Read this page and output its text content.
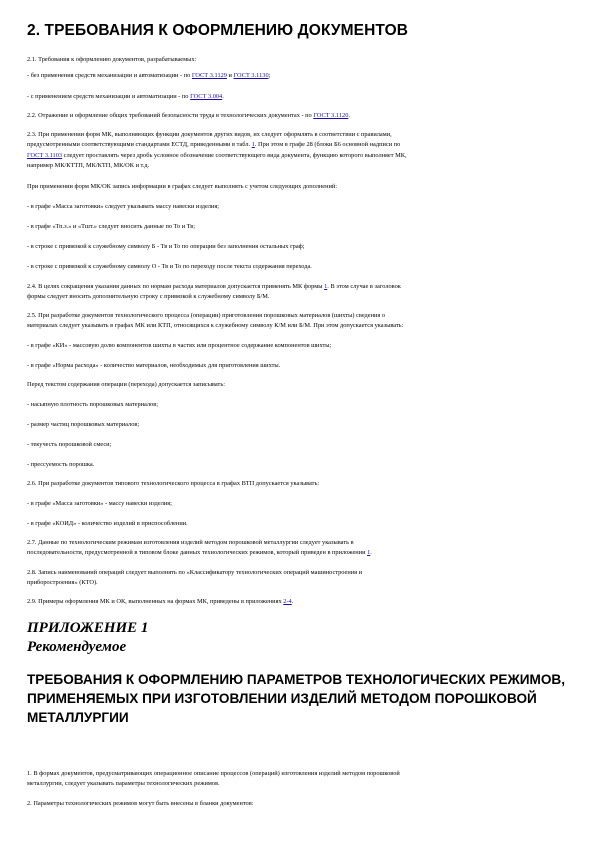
2. ТРЕБОВАНИЯ К ОФОРМЛЕНИЮ ДОКУМЕНТОВ

2.1. Требования к оформлению документов, разрабатываемых:

- без применения средств механизации и автоматизации - по ГОСТ 3.1129 и ГОСТ 3.1130;

- с применением средств механизации и автоматизации - по ГОСТ 3.004.

2.2. Отражение и оформление общих требований безопасности труда в технологических документах - по ГОСТ 3.1120.

2.3. При применении форм МК, выполняющих функции документов других видов, их следует оформлять в соответствии с правилами,

предусмотренными соответствующими стандартами ЕСТД, приведенными в табл. 1. При этом в графе 28 (блоки Б6 основной надписи по

ГОСТ 3.1103 следует проставлять через дробь условное обозначение соответствующего вида документа, функцию которого выполняет МК,

например МК/КТТП, МК/КТП, МК/ОК и т.д.

При применении форм МК/ОК запись информации в графах следует выполнять с учетом следующих дополнений:

- в графе «Масса заготовки» следует указывать массу навески изделия;

- в графе «Тп.з.» и «Тшт.» следует вносить данные по То и Тв;

- в строке с привязкой к служебному символу Б - Тв и То по операции без заполнения остальных граф;

- в строке с привязкой к служебному символу О - Тв и То по переходу после текста содержания перехода.

2.4. В целях сокращения указания данных по нормам расхода материалов допускается применять МК формы 1. В этом случае в заголовок

формы следует вносить дополнительную строку с привязкой к служебному символу Б/М.

2.5. При разработке документов технологического процесса (операции) приготовления порошковых материалов (шихты) сведения о

материалах следует указывать в графах МК или КТП, относящихся к служебному символу К/М или Б/М. При этом допускается указывать:

- в графе «КИ» - массовую долю компонентов шихты в частях или процентное содержание компонентов шихты;

- в графе «Норма расхода» - количество материалов, необходимых для приготовления шихты.

Перед текстом содержания операции (перехода) допускается записывать:

- насыпную плотность порошковых материалов;

- размер частиц порошковых материалов;

- текучесть порошковой смеси;

- прессуемость порошка.

2.6. При разработке документов типового технологического процесса в графах ВТП допускается указывать:

- в графе «Масса заготовки» - массу навески изделия;

- в графе «КОИД» - количество изделий в приспособлении.

2.7. Данные по технологическим режимам изготовления изделий методом порошковой металлургии следует указывать в

последовательности, предусмотренной в типовом блоке данных технологических режимов, который приведен в приложении 1.

2.8. Запись наименований операций следует выполнять по «Классификатору технологических операций машиностроения и

приборостроения» (КТО).

2.9. Примеры оформления МК и ОК, выполненных на формах МК, приведены в приложениях 2-4.

ПРИЛОЖЕНИЕ 1

Рекомендуемое

ТРЕБОВАНИЯ К ОФОРМЛЕНИЮ ПАРАМЕТРОВ ТЕХНОЛОГИЧЕСКИХ РЕЖИМОВ, ПРИМЕНЯЕМЫХ ПРИ ИЗГОТОВЛЕНИИ ИЗДЕЛИЙ МЕТОДОМ ПОРОШКОВОЙ МЕТАЛЛУРГИИ

1. В формах документов, предусматривающих операционное описание процессов (операций) изготовления изделий методом порошковой

металлургии, следует указывать параметры технологических режимов.

2. Параметры технологических режимов могут быть внесены в бланки документов:
